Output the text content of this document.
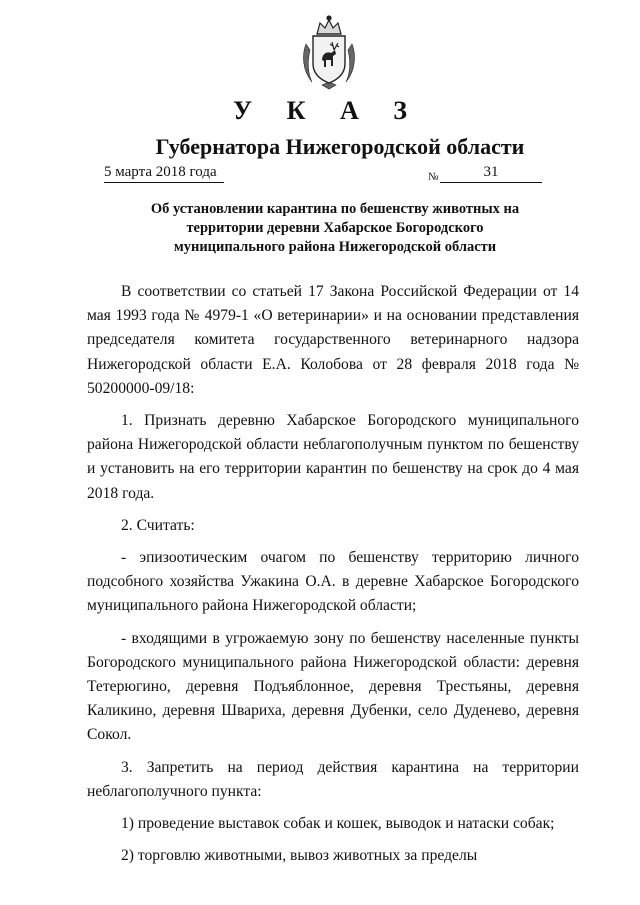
У К А З
Губернатора Нижегородской области
5 марта 2018 года	№	31
Об установлении карантина по бешенству животных на
территории деревни Хабарское Богородского
муниципального района Нижегородской области

В соответствии со статьей 17 Закона Российской Федерации от 14 мая 1993 года № 4979-1 «О ветеринарии» и на основании представления председателя комитета государственного ветеринарного надзора Нижегородской области Е.А. Колобова от 28 февраля 2018 года № 50200000-09/18:

1. Признать деревню Хабарское Богородского муниципального района Нижегородской области неблагополучным пунктом по бешенству и установить на его территории карантин по бешенству на срок до 4 мая 2018 года.

2. Считать:

- эпизоотическим очагом по бешенству территорию личного подсобного хозяйства Ужакина О.А. в деревне Хабарское Богородского муниципального района Нижегородской области;

- входящими в угрожаемую зону по бешенству населенные пункты Богородского муниципального района Нижегородской области: деревня Тетерюгино, деревня Подъяблонное, деревня Трестьяны, деревня Каликино, деревня Швариха, деревня Дубенки, село Дуденево, деревня Сокол.

3. Запретить на период действия карантина на территории неблагополучного пункта:

1) проведение выставок собак и кошек, выводок и натаски собак;

2) торговлю животными, вывоз животных за пределы
